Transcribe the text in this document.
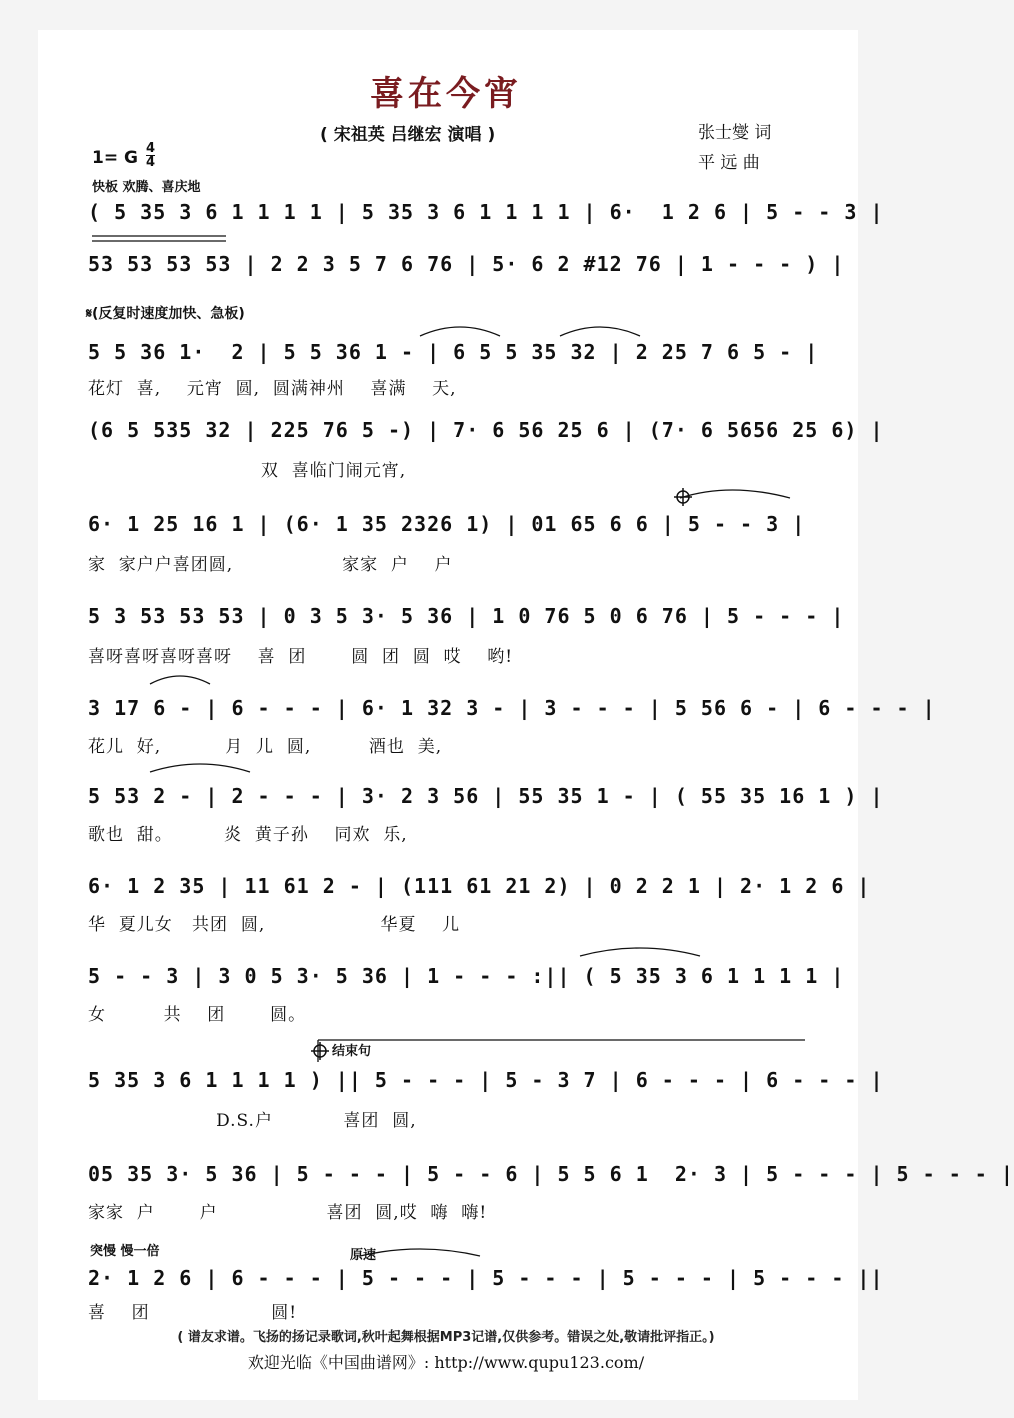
喜在今宵
( 宋祖英 吕继宏 演唱 )	张士燮 词
平 远 曲
1= G 4
4
快板 欢腾、喜庆地
( 5 35 3 6 1 1 1 1 | 5 35 3 6 1 1 1 1 | 6·  1 2 6 | 5 - - 3 |
53 53 53 53 | 2 2 3 5 7 6 76 | 5· 6 2 #12 76 | 1 - - - ) |
𝄋(反复时速度加快、急板)
5 5 36 1·  2 | 5 5 36 1 - | 6 5 5 35 32 | 2 25 7 6 5 - |
花灯  喜,    元宵  圆,  圆满神州    喜满    天,
(6 5 535 32 | 225 76 5 -) | 7· 6 56 25 6 | (7· 6 5656 25 6) |
双  喜临门闹元宵,
6· 1 25 16 1 | (6· 1 35 2326 1) | 01 65 6 6 | 5 - - 3 |
家  家户户喜团圆,                 家家  户    户
5 3 53 53 53 | 0 3 5 3· 5 36 | 1 0 76 5 0 6 76 | 5 - - - |
喜呀喜呀喜呀喜呀    喜  团       圆  团  圆  哎    哟!
3 17 6 - | 6 - - - | 6· 1 32 3 - | 3 - - - | 5 56 6 - | 6 - - - |
花儿  好,          月  儿  圆,         酒也  美,
5 53 2 - | 2 - - - | 3· 2 3 56 | 55 35 1 - | ( 55 35 16 1 ) |
歌也  甜。        炎  黄子孙    同欢  乐,
6· 1 2 35 | 11 61 2 - | (111 61 21 2) | 0 2 2 1 | 2· 1 2 6 |
华  夏儿女   共团  圆,                  华夏    儿
5 - - 3 | 3 0 5 3· 5 36 | 1 - - - :|| ( 5 35 3 6 1 1 1 1 |
女         共    团       圆。
结束句
5 35 3 6 1 1 1 1 ) || 5 - - - | 5 - 3 7 | 6 - - - | 6 - - - |
D.S.户           喜团  圆,
05 35 3· 5 36 | 5 - - - | 5 - - 6 | 5 5 6 1  2· 3 | 5 - - - | 5 - - - |
家家  户       户                 喜团  圆,哎  嗨  嗨!
突慢 慢一倍	原速
2· 1 2 6 | 6 - - - | 5 - - - | 5 - - - | 5 - - - | 5 - - - ||
喜    团                   圆!
( 谱友求谱。飞扬的扬记录歌词,秋叶起舞根据MP3记谱,仅供参考。错误之处,敬请批评指正。)
欢迎光临《中国曲谱网》: http://www.qupu123.com/
